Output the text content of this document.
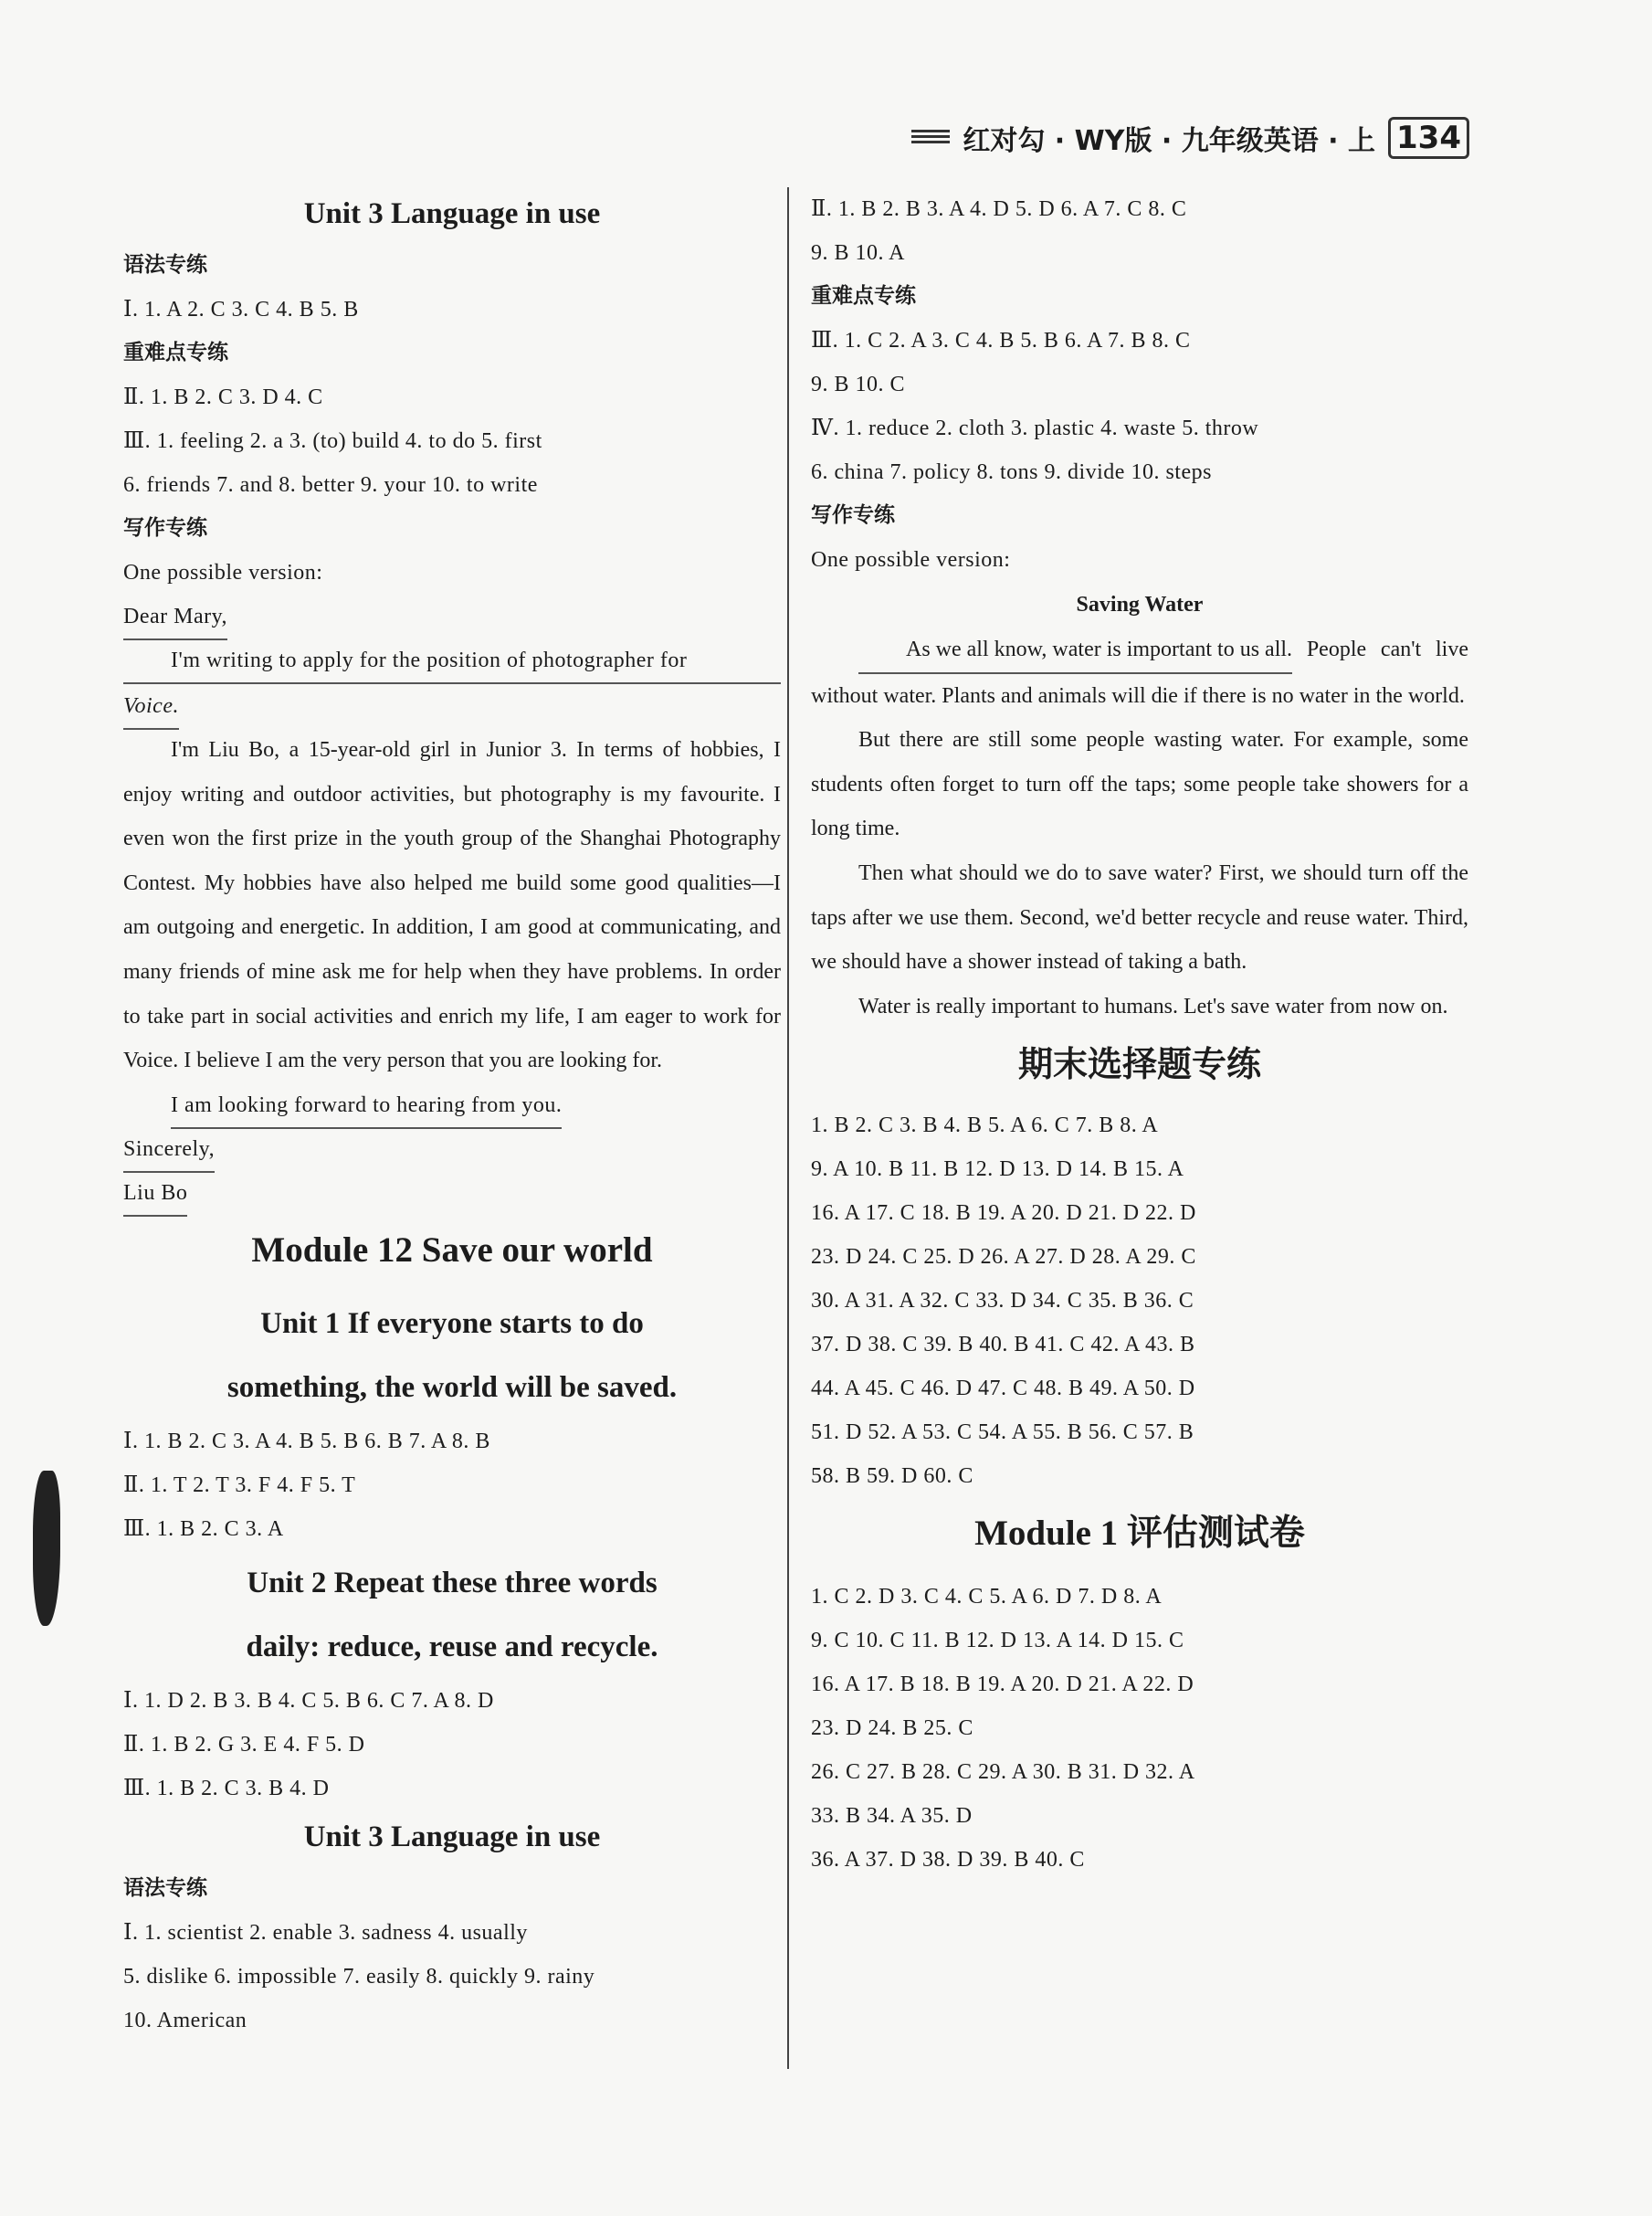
红对勾 · WY版 · 九年级英语 · 上 134
Unit 3 Language in use
语法专练
Ⅰ. 1. A 2. C 3. C 4. B 5. B
重难点专练
Ⅱ. 1. B 2. C 3. D 4. C
Ⅲ. 1. feeling 2. a 3. (to) build 4. to do 5. first
6. friends 7. and 8. better 9. your 10. to write
写作专练
One possible version:
Dear Mary,
I'm writing to apply for the position of photographer for
Voice.
I'm Liu Bo, a 15-year-old girl in Junior 3. In terms of hobbies, I enjoy writing and outdoor activities, but photography is my favourite. I even won the first prize in the youth group of the Shanghai Photography Contest. My hobbies have also helped me build some good qualities—I am outgoing and energetic. In addition, I am good at communicating, and many friends of mine ask me for help when they have problems. In order to take part in social activities and enrich my life, I am eager to work for Voice. I believe I am the very person that you are looking for.
I am looking forward to hearing from you.
Sincerely,
Liu Bo
Module 12 Save our world
Unit 1 If everyone starts to do
something, the world will be saved.
Ⅰ. 1. B 2. C 3. A 4. B 5. B 6. B 7. A 8. B
Ⅱ. 1. T 2. T 3. F 4. F 5. T
Ⅲ. 1. B 2. C 3. A
Unit 2 Repeat these three words
daily: reduce, reuse and recycle.
Ⅰ. 1. D 2. B 3. B 4. C 5. B 6. C 7. A 8. D
Ⅱ. 1. B 2. G 3. E 4. F 5. D
Ⅲ. 1. B 2. C 3. B 4. D
Unit 3 Language in use
语法专练
Ⅰ. 1. scientist 2. enable 3. sadness 4. usually
5. dislike 6. impossible 7. easily 8. quickly 9. rainy
10. American
Ⅱ. 1. B 2. B 3. A 4. D 5. D 6. A 7. C 8. C
9. B 10. A
重难点专练
Ⅲ. 1. C 2. A 3. C 4. B 5. B 6. A 7. B 8. C
9. B 10. C
Ⅳ. 1. reduce 2. cloth 3. plastic 4. waste 5. throw
6. china 7. policy 8. tons 9. divide 10. steps
写作专练
One possible version:
Saving Water
As we all know, water is important to us all. People can't live without water. Plants and animals will die if there is no water in the world.
But there are still some people wasting water. For example, some students often forget to turn off the taps; some people take showers for a long time.
Then what should we do to save water? First, we should turn off the taps after we use them. Second, we'd better recycle and reuse water. Third, we should have a shower instead of taking a bath.
Water is really important to humans. Let's save water from now on.
期末选择题专练
1. B 2. C 3. B 4. B 5. A 6. C 7. B 8. A
9. A 10. B 11. B 12. D 13. D 14. B 15. A
16. A 17. C 18. B 19. A 20. D 21. D 22. D
23. D 24. C 25. D 26. A 27. D 28. A 29. C
30. A 31. A 32. C 33. D 34. C 35. B 36. C
37. D 38. C 39. B 40. B 41. C 42. A 43. B
44. A 45. C 46. D 47. C 48. B 49. A 50. D
51. D 52. A 53. C 54. A 55. B 56. C 57. B
58. B 59. D 60. C
Module 1 评估测试卷
1. C 2. D 3. C 4. C 5. A 6. D 7. D 8. A
9. C 10. C 11. B 12. D 13. A 14. D 15. C
16. A 17. B 18. B 19. A 20. D 21. A 22. D
23. D 24. B 25. C
26. C 27. B 28. C 29. A 30. B 31. D 32. A
33. B 34. A 35. D
36. A 37. D 38. D 39. B 40. C
